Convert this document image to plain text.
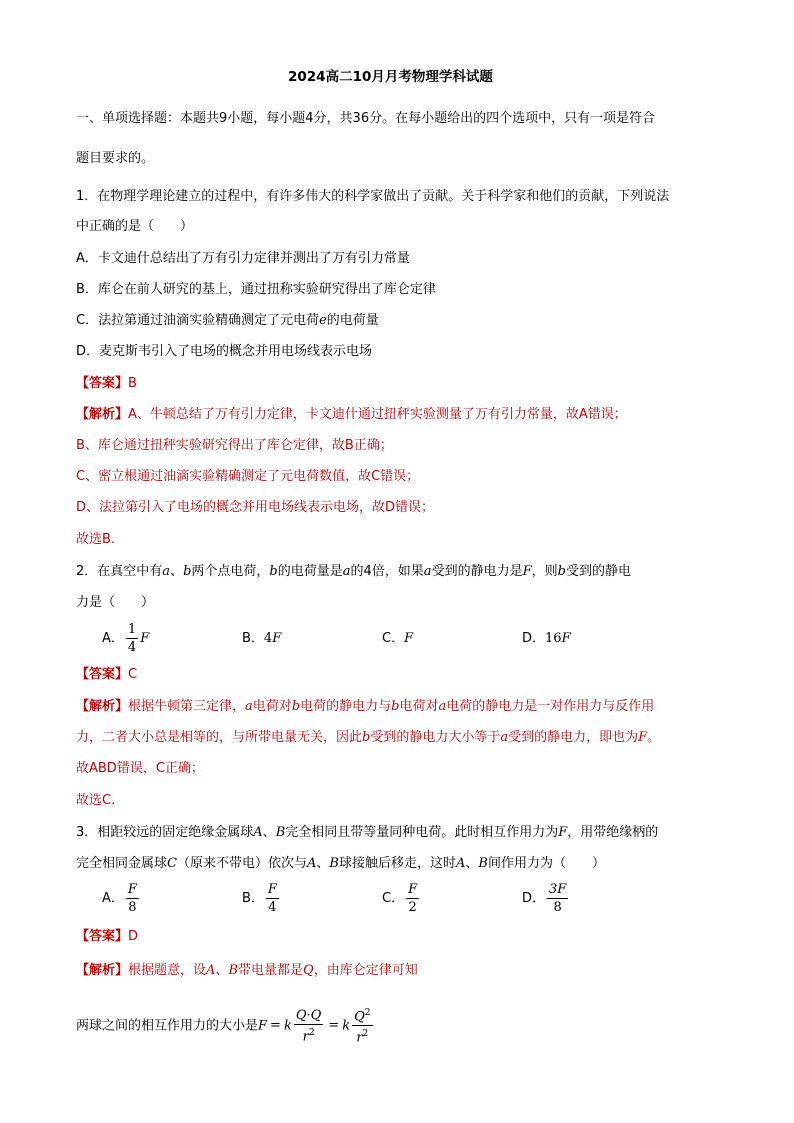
2024高二10月月考物理学科试题
一、单项选择题：本题共9小题，每小题4分，共36分。在每小题给出的四个选项中，只有一项是符合
题目要求的。
1．在物理学理论建立的过程中，有许多伟大的科学家做出了贡献。关于科学家和他们的贡献，下列说法
中正确的是（　　）
A．卡文迪什总结出了万有引力定律并测出了万有引力常量
B．库仑在前人研究的基上，通过扭称实验研究得出了库仑定律
C．法拉第通过油滴实验精确测定了元电荷e的电荷量
D．麦克斯韦引入了电场的概念并用电场线表示电场
【答案】B
【解析】A、牛顿总结了万有引力定律，卡文迪什通过扭秤实验测量了万有引力常量，故A错误；
B、库仑通过扭秤实验研究得出了库仑定律，故B正确；
C、密立根通过油滴实验精确测定了元电荷数值，故C错误；
D、法拉第引入了电场的概念并用电场线表示电场，故D错误；
故选B.
2．在真空中有a、b两个点电荷，b的电荷量是a的4倍，如果a受到的静电力是F，则b受到的静电
力是（　　）
A． $\frac{1}{4}$ F	B．4F	C．F	D．16F
【答案】C
【解析】根据牛顿第三定律，a电荷对b电荷的静电力与b电荷对a电荷的静电力是一对作用力与反作用
力，二者大小总是相等的，与所带电量无关，因此b受到的静电力大小等于a受到的静电力，即也为F。
故ABD错误，C正确；
故选C.
3．相距较远的固定绝缘金属球A、B完全相同且带等量同种电荷。此时相互作用力为F，用带绝缘柄的
完全相同金属球C（原来不带电）依次与A、B球接触后移走，这时A、B间作用力为（　　）
A． $\frac{F}{8}$	B． $\frac{F}{4}$	C． $\frac{F}{2}$	D． $\frac{3F}{8}$
【答案】D
【解析】根据题意，设A、B带电量都是Q，由库仑定律可知
两球之间的相互作用力的大小是F = k $\frac{Q\cdot Q}{r^2} = k \frac{Q^2}{r^2}$
